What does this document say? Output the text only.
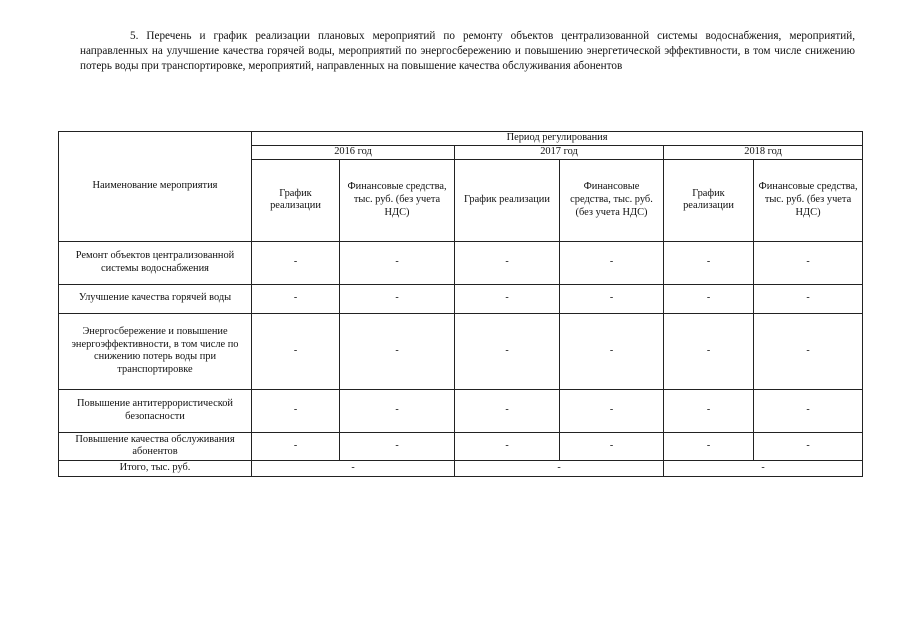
5. Перечень и график реализации плановых мероприятий по ремонту объектов централизованной системы водоснабжения, мероприятий, направленных на улучшение качества горячей воды, мероприятий по энергосбережению и повышению энергетической эффективности, в том числе снижению потерь воды при транспортировке, мероприятий, направленных на повышение качества обслуживания абонентов
Наименование мероприятия	Период регулирования					
	2016 год		2017 год		2018 год	
	График реализации	Финансовые средства, тыс. руб. (без учета НДС)	График реализации	Финансовые средства, тыс. руб. (без учета НДС)	График реализации	Финансовые средства, тыс. руб. (без учета НДС)
Ремонт объектов централизованной системы водоснабжения	-	-	-	-	-	-
Улучшение качества горячей воды	-	-	-	-	-	-
Энергосбережение и повышение энергоэффективности, в том числе по снижению потерь воды при транспортировке	-	-	-	-	-	-
Повышение антитеррористической безопасности	-	-	-	-	-	-
Повышение качества обслуживания абонентов	-	-	-	-	-	-
Итого, тыс. руб.	-		-		-	
